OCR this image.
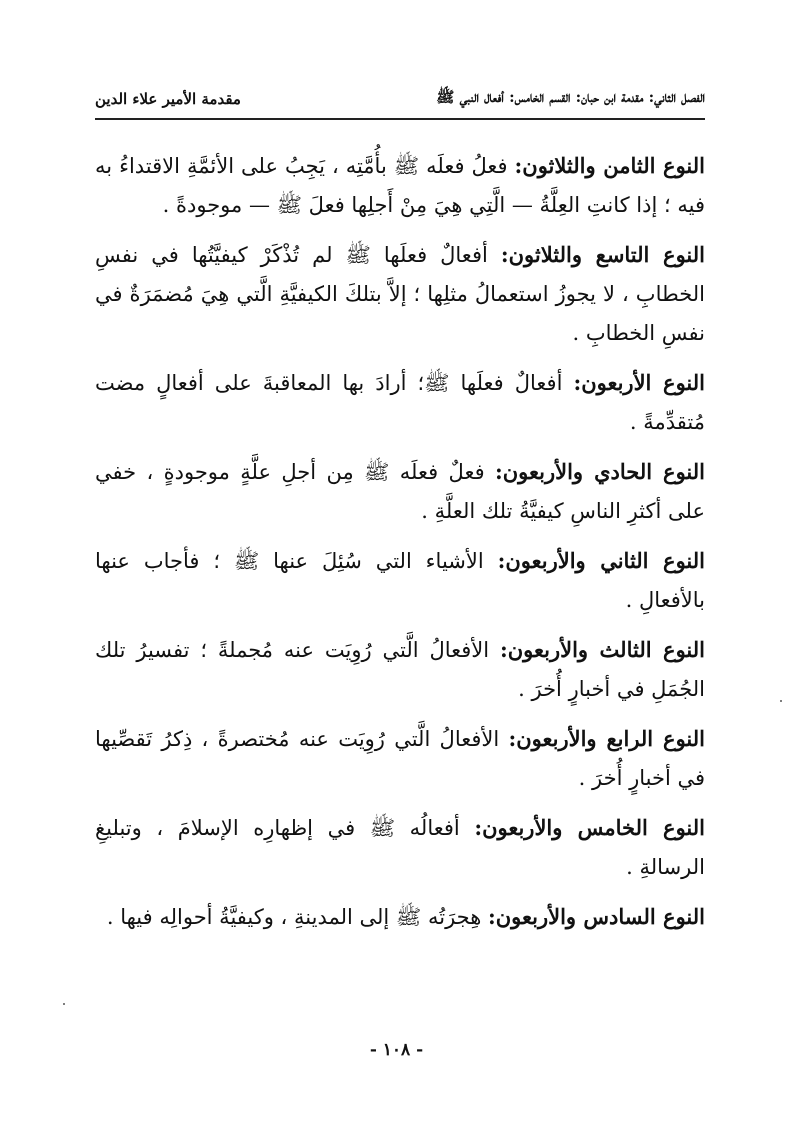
الفصل الثاني: مقدمة ابن حبان: القسم الخامس: أفعال النبي ﷺ
مقدمة الأمير علاء الدين

النوع الثامن والثلاثون: فعلُ فعلَه ﷺ بأُمَّتِه ، يَجِبُ على الأئمَّةِ الاقتداءُ به فيه ؛ إذا كانتِ العِلَّةُ — الَّتِي هِيَ مِنْ أَجلِها فعلَ ﷺ — موجودةً .

النوع التاسع والثلاثون: أفعالٌ فعلَها ﷺ لم تُذْكَرْ كيفيَّتُها في نفسِ الخطابِ ، لا يجوزُ استعمالُ مثلِها ؛ إلاَّ بتلكَ الكيفيَّةِ الَّتي هِيَ مُضمَرَةٌ في نفسِ الخطابِ .

النوع الأربعون: أفعالٌ فعلَها ﷺ؛ أرادَ بها المعاقبةَ على أفعالٍ مضت مُتقدِّمةً .

النوع الحادي والأربعون: فعلٌ فعلَه ﷺ مِن أجلِ علَّةٍ موجودةٍ ، خفي على أكثرِ الناسِ كيفيَّةُ تلك العلَّةِ .

النوع الثاني والأربعون: الأشياء التي سُئِلَ عنها ﷺ ؛ فأجاب عنها بالأفعالِ .

النوع الثالث والأربعون: الأفعالُ الَّتي رُوِيَت عنه مُجملةً ؛ تفسيرُ تلك الجُمَلِ في أخبارٍ أُخرَ .

النوع الرابع والأربعون: الأفعالُ الَّتي رُوِيَت عنه مُختصرةً ، ذِكرُ تَقصِّيها في أخبارٍ أُخرَ .

النوع الخامس والأربعون: أفعالُه ﷺ في إظهارِه الإسلامَ ، وتبليغِ الرسالةِ .

النوع السادس والأربعون: هِجرَتُه ﷺ إلى المدينةِ ، وكيفيَّةُ أحوالِه فيها .

- ١٠٨ -
